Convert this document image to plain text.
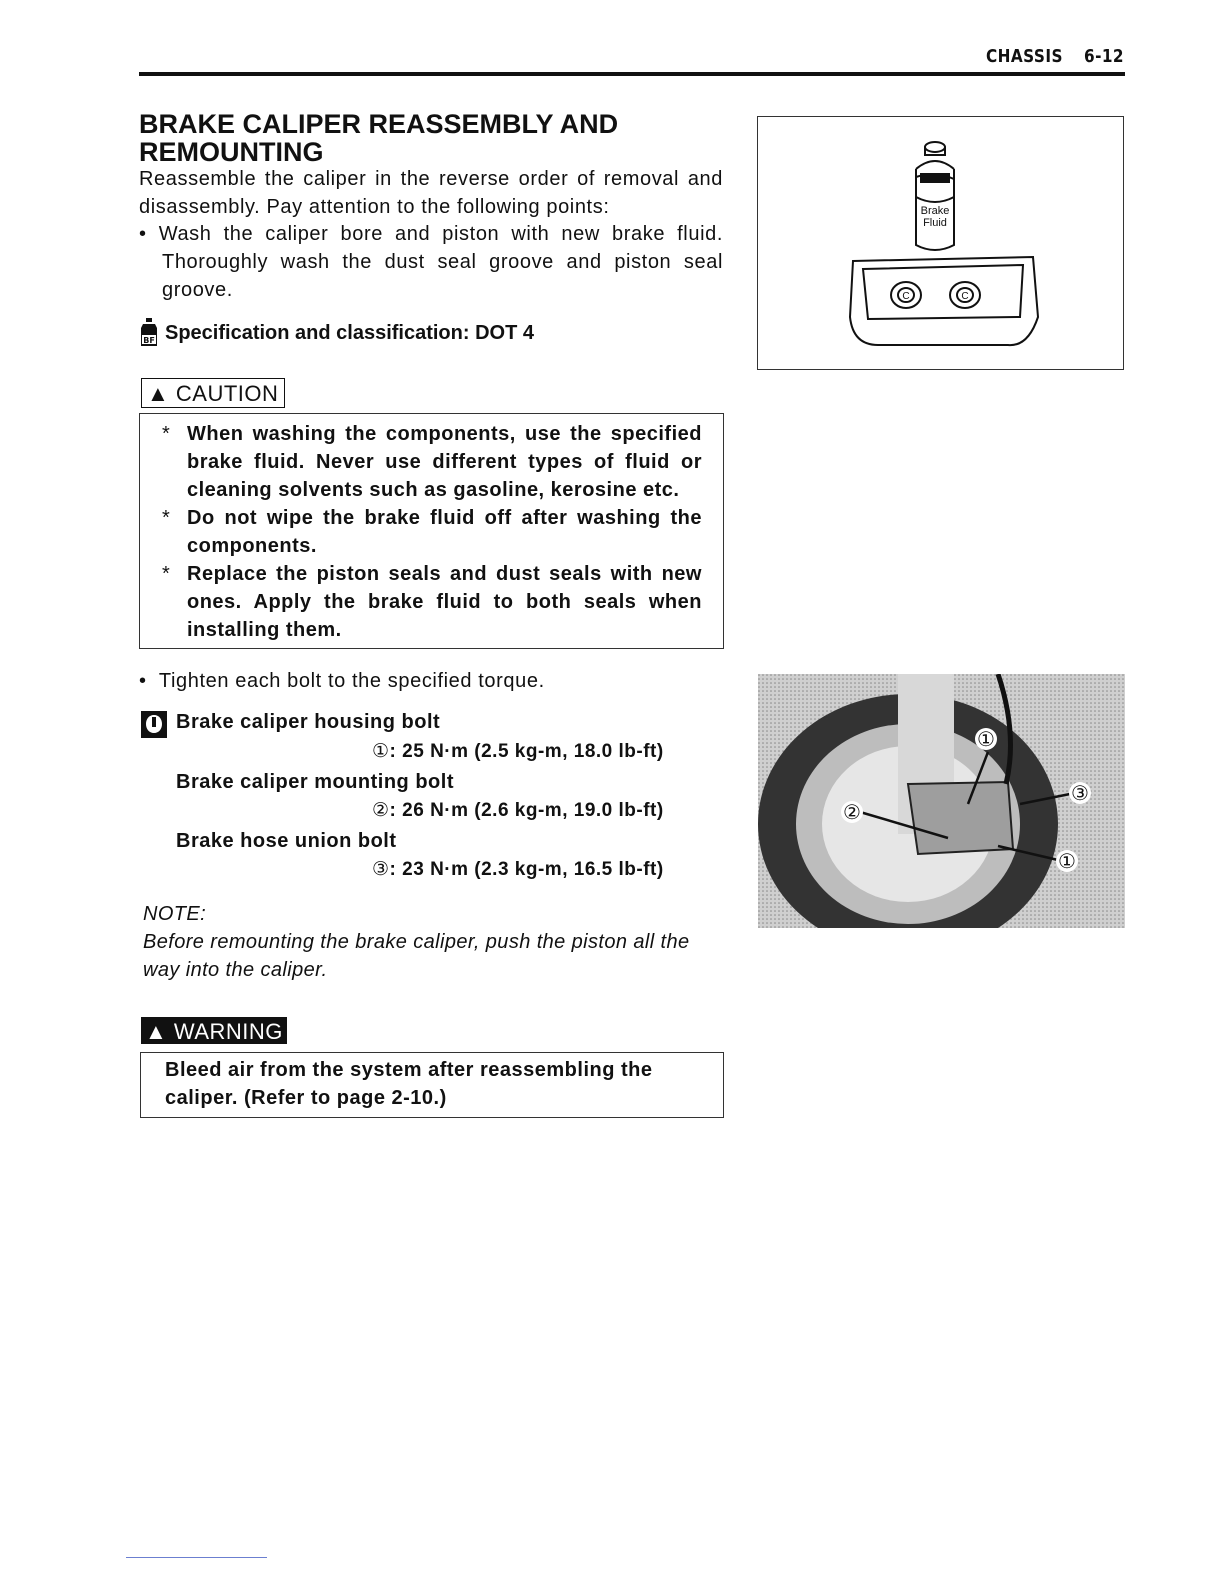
CHASSIS 6-12
BRAKE CALIPER REASSEMBLY AND REMOUNTING
Reassemble the caliper in the reverse order of removal and disassembly. Pay attention to the following points:
• Wash the caliper bore and piston with new brake fluid. Thoroughly wash the dust seal groove and piston seal groove.
BF Specification and classification: DOT 4
▲ CAUTION
* When washing the components, use the specified brake fluid. Never use different types of fluid or cleaning solvents such as gasoline, kerosine etc.
* Do not wipe the brake fluid off after washing the components.
* Replace the piston seals and dust seals with new ones. Apply the brake fluid to both seals when installing them.
•  Tighten each bolt to the specified torque.
Brake caliper housing bolt
①: 25 N·m (2.5 kg-m, 18.0 lb-ft)
Brake caliper mounting bolt
②: 26 N·m (2.6 kg-m, 19.0 lb-ft)
Brake hose union bolt
③: 23 N·m (2.3 kg-m, 16.5 lb-ft)
NOTE:
Before remounting the brake caliper, push the piston all the way into the caliper.
▲ WARNING
Bleed air from the system after reassembling the caliper. (Refer to page 2-10.)
Brake
Fluid
C	C
①
③
②
①
